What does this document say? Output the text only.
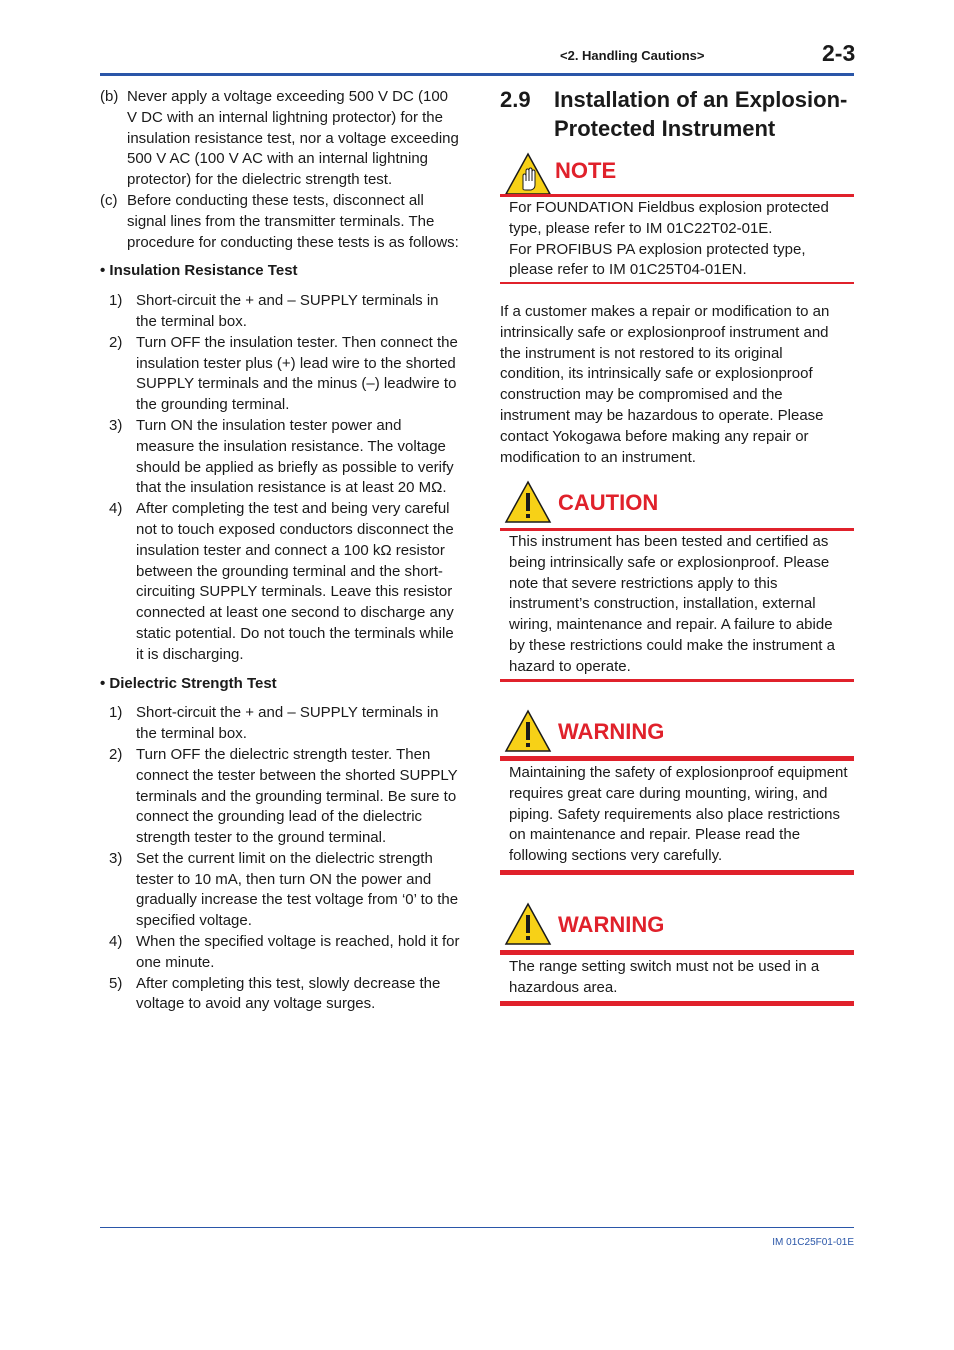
<2. Handling Cautions>	2-3
(b) Never apply a voltage exceeding 500 V DC (100 V DC with an internal lightning protector) for the insulation resistance test, nor a voltage exceeding 500 V AC (100 V AC with an internal lightning protector) for the dielectric strength test.
(c) Before conducting these tests, disconnect all signal lines from the transmitter terminals. The procedure for conducting these tests is as follows:
• Insulation Resistance Test
1) Short-circuit the + and – SUPPLY terminals in the terminal box.
2) Turn OFF the insulation tester. Then connect the insulation tester plus (+) lead wire to the shorted SUPPLY terminals and the minus (–) leadwire to the grounding terminal.
3) Turn ON the insulation tester power and measure the insulation resistance. The voltage should be applied as briefly as possible to verify that the insulation resistance is at least 20 MΩ.
4) After completing the test and being very careful not to touch exposed conductors disconnect the insulation tester and connect a 100 kΩ resistor between the grounding terminal and the short-circuiting SUPPLY terminals. Leave this resistor connected at least one second to discharge any static potential. Do not touch the terminals while it is discharging.
• Dielectric Strength Test
1) Short-circuit the + and – SUPPLY terminals in the terminal box.
2) Turn OFF the dielectric strength tester. Then connect the tester between the shorted SUPPLY terminals and the grounding terminal. Be sure to connect the grounding lead of the dielectric strength tester to the ground terminal.
3) Set the current limit on the dielectric strength tester to 10 mA, then turn ON the power and gradually increase the test voltage from ‘0’ to the specified voltage.
4) When the specified voltage is reached, hold it for one minute.
5) After completing this test, slowly decrease the voltage to avoid any voltage surges.
2.9 Installation of an Explosion-Protected Instrument
NOTE
For FOUNDATION Fieldbus explosion protected type, please refer to IM 01C22T02-01E.
For PROFIBUS PA explosion protected type, please refer to IM 01C25T04-01EN.
If a customer makes a repair or modification to an intrinsically safe or explosionproof instrument and the instrument is not restored to its original condition, its intrinsically safe or explosionproof construction may be compromised and the instrument may be hazardous to operate. Please contact Yokogawa before making any repair or modification to an instrument.
CAUTION
This instrument has been tested and certified as being intrinsically safe or explosionproof. Please note that severe restrictions apply to this instrument’s construction, installation, external wiring, maintenance and repair. A failure to abide by these restrictions could make the instrument a hazard to operate.
WARNING
Maintaining the safety of explosionproof equipment requires great care during mounting, wiring, and piping. Safety requirements also place restrictions on maintenance and repair. Please read the following sections very carefully.
WARNING
The range setting switch must not be used in a hazardous area.
IM 01C25F01-01E
